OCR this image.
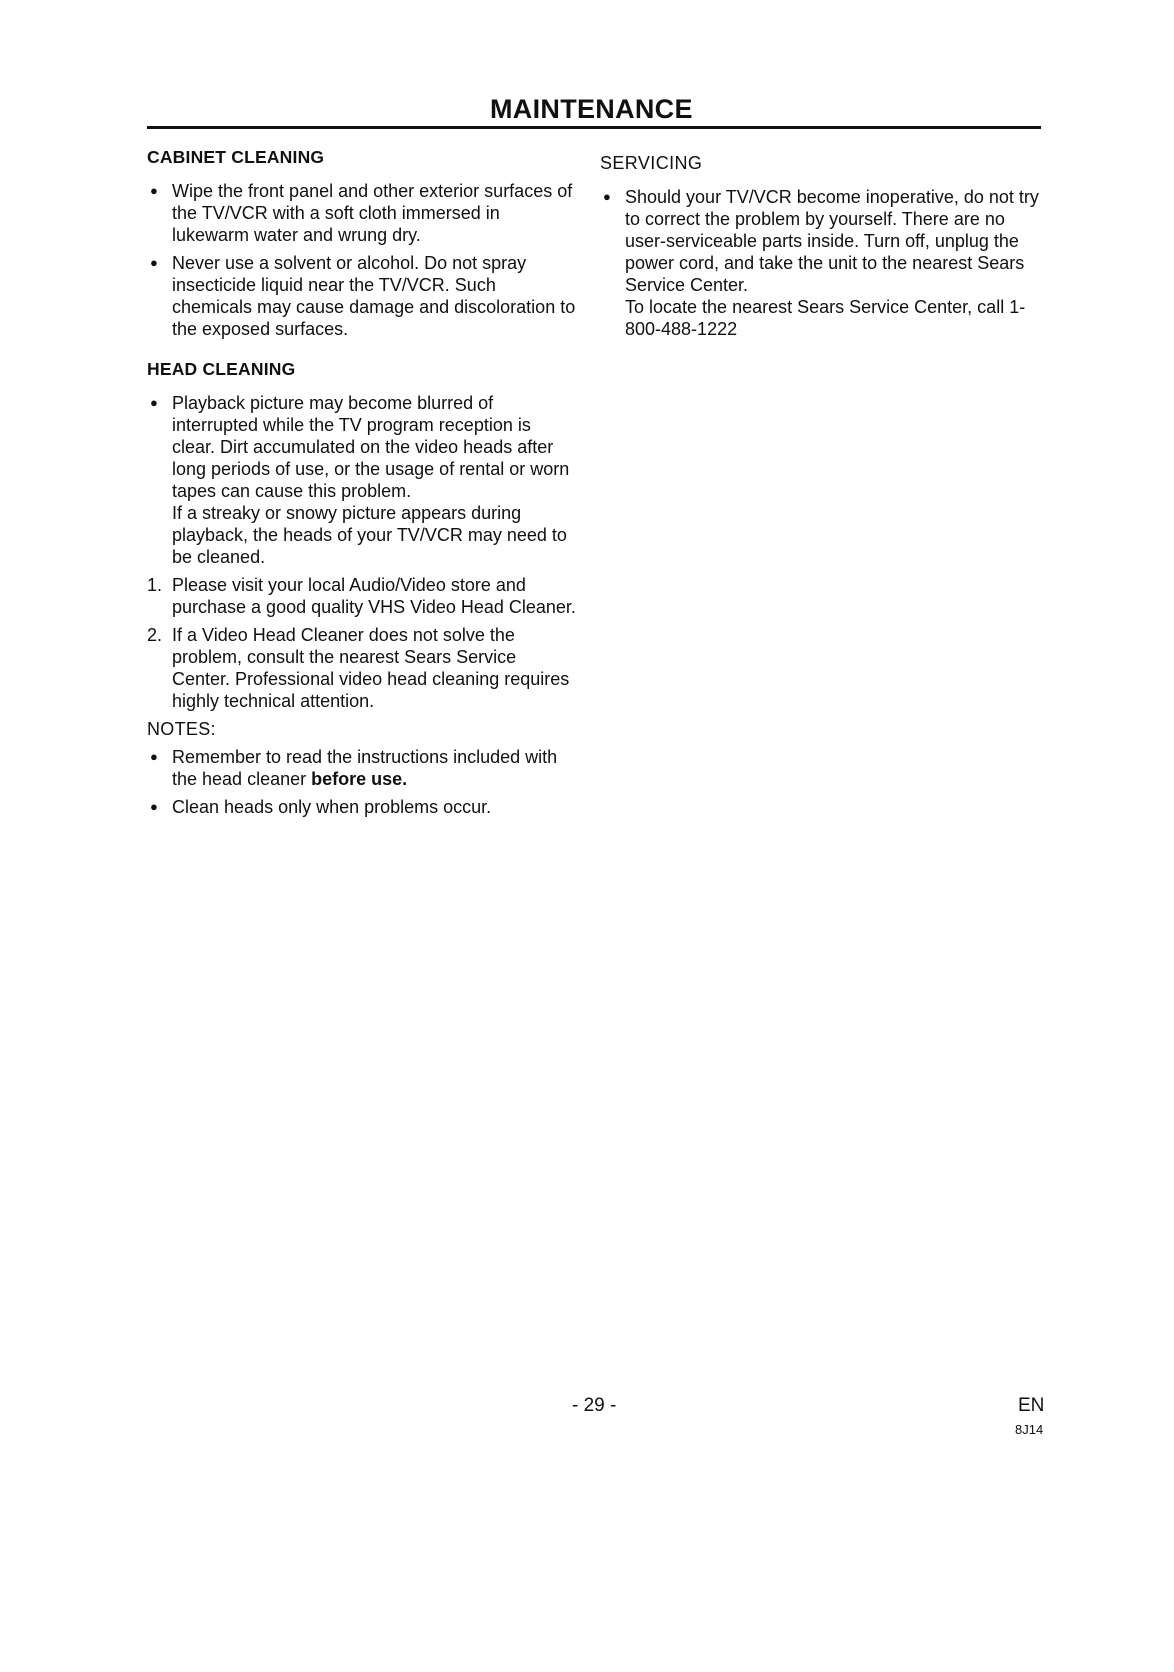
MAINTENANCE
CABINET CLEANING
● Wipe the front panel and other exterior surfaces of the TV/VCR with a soft cloth immersed in lukewarm water and wrung dry.
● Never use a solvent or alcohol. Do not spray insecticide liquid near the TV/VCR. Such chemicals may cause damage and discoloration to the exposed surfaces.
HEAD CLEANING
● Playback picture may become blurred of interrupted while the TV program reception is clear. Dirt accumulated on the video heads after long periods of use, or the usage of rental or worn tapes can cause this problem.
If a streaky or snowy picture appears during playback, the heads of your TV/VCR may need to be cleaned.
1. Please visit your local Audio/Video store and purchase a good quality VHS Video Head Cleaner.
2. If a Video Head Cleaner does not solve the problem, consult the nearest Sears Service Center. Professional video head cleaning requires highly technical attention.
NOTES:
● Remember to read the instructions included with the head cleaner before use.
● Clean heads only when problems occur.
SERVICING
● Should your TV/VCR become inoperative, do not try to correct the problem by yourself. There are no user-serviceable parts inside. Turn off, unplug the power cord, and take the unit to the nearest Sears Service Center.
To locate the nearest Sears Service Center, call 1-800-488-1222
- 29 -	EN
8J14
